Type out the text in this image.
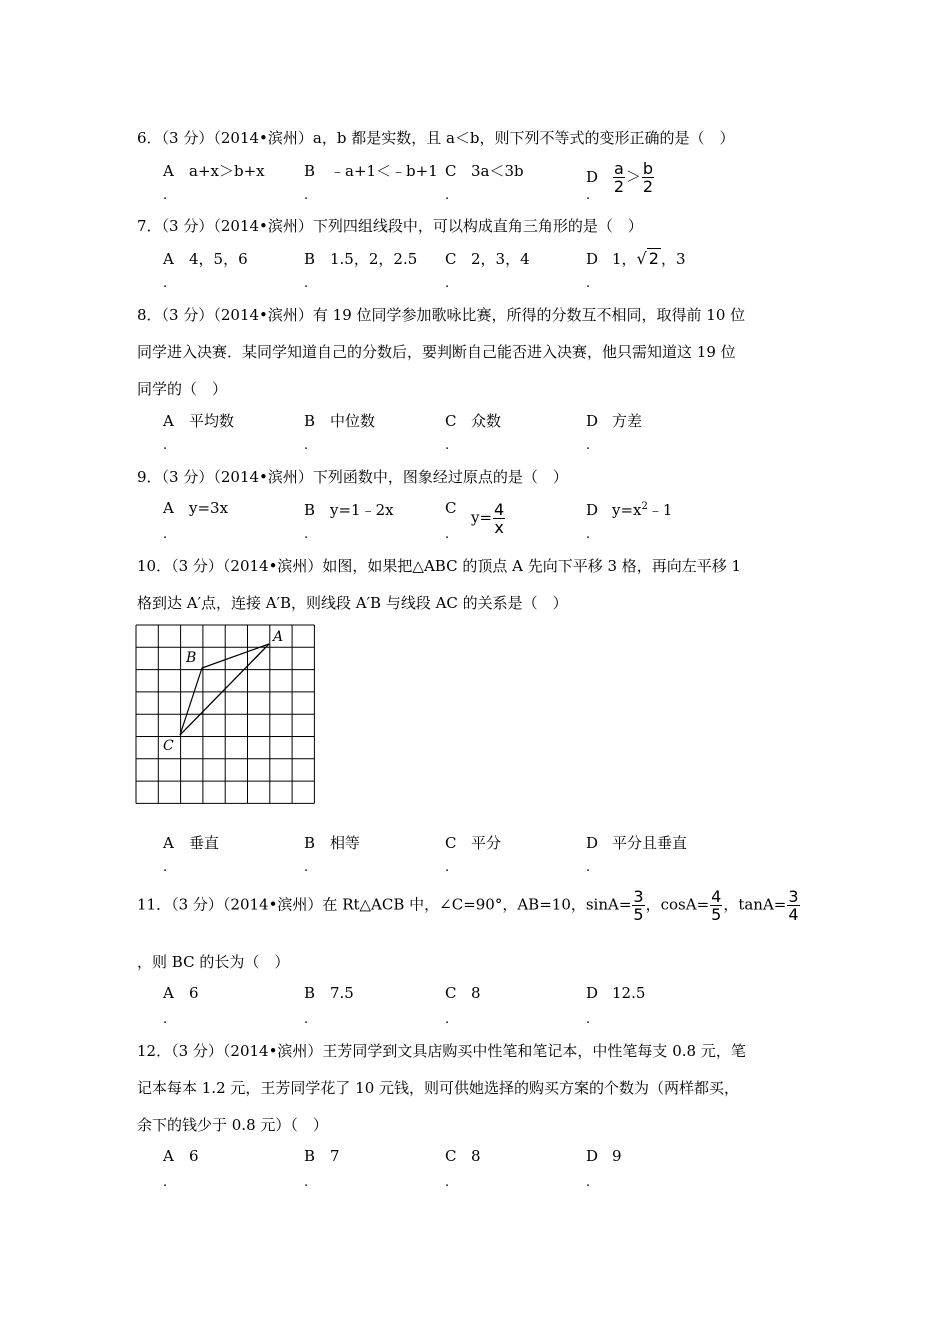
6．（3 分）（2014•滨州）a，b 都是实数，且 a＜b，则下列不等式的变形正确的是（　）
A a+x＞b+x	B ﹣a+1＜﹣b+1 C 3a＜3b	D $\frac{a}{2} > \frac{b}{2}$
.	.	.	.
7．（3 分）（2014•滨州）下列四组线段中，可以构成直角三角形的是（　）
A 4，5，6	B 1.5，2，2.5 C 2，3，4	D 1，√ 2 ，3
.	.	.	.
8．（3 分）（2014•滨州）有 19 位同学参加歌咏比赛，所得的分数互不相同，取得前 10 位
同学进入决赛．某同学知道自己的分数后，要判断自己能否进入决赛，他只需知道这 19 位
同学的（　）
A 平均数	B 中位数	C 众数	D 方差
.	.	.	.
9．（3 分）（2014•滨州）下列函数中，图象经过原点的是（　）
A y=3x	B y=1﹣2x	C
$y= \frac{4}{x}$	D $y=x^2﹣1$
.	.	.	.
10．（3 分）（2014•滨州）如图，如果把△ABC 的顶点 A 先向下平移 3 格，再向左平移 1
格到达 A′点，连接 A′B，则线段 A′B 与线段 AC 的关系是（　）
A
B
C
A 垂直	B 相等	C 平分	D 平分且垂直
.	.	.	.
11．（3 分）（2014•滨州）在 Rt△ACB 中，∠C=90°，AB=10，$\sin A= \frac{3}{5}$ ，$\cos A= \frac{4}{5}$ ，$\tan A= \frac{3}{4}$
，则 BC 的长为（　）
A 6	B 7.5	C 8	D 12.5
.	.	.	.
12．（3 分）（2014•滨州）王芳同学到文具店购买中性笔和笔记本，中性笔每支 0.8 元，笔
记本每本 1.2 元，王芳同学花了 10 元钱，则可供她选择的购买方案的个数为（两样都买，
余下的钱少于 0.8 元）（　）
A 6	B 7	C 8	D 9
.	.	.	.
